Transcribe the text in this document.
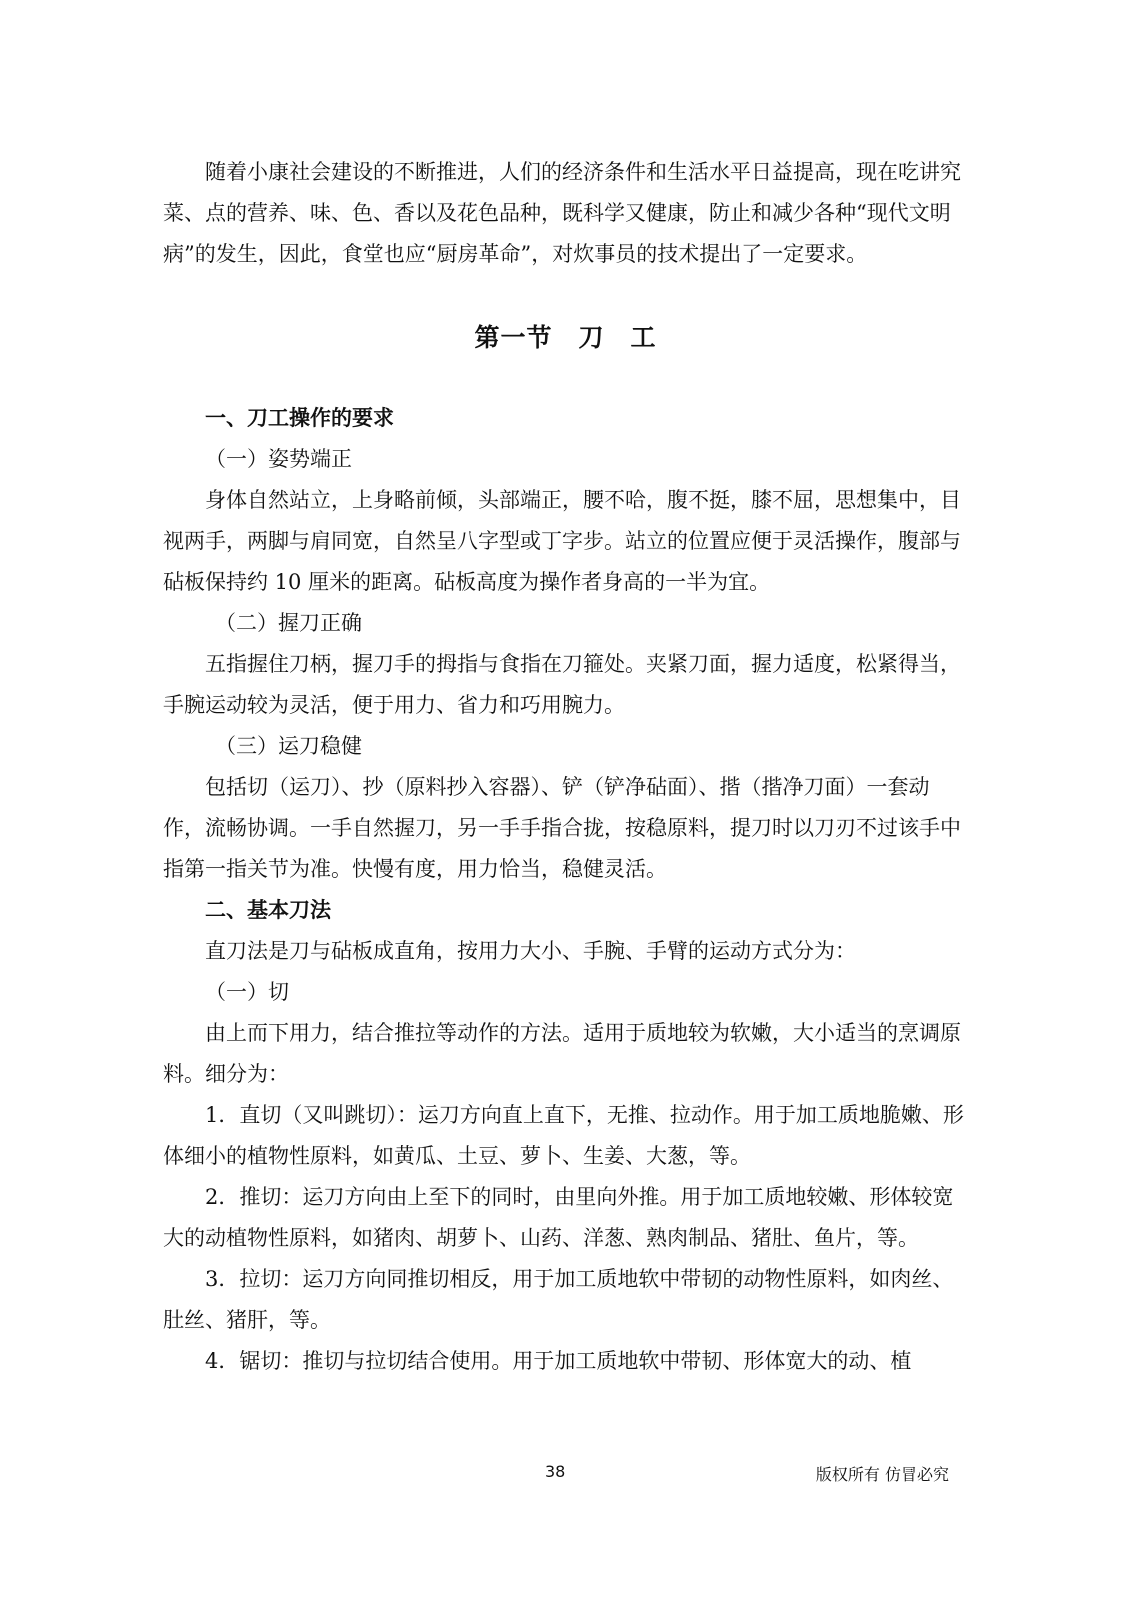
随着小康社会建设的不断推进，人们的经济条件和生活水平日益提高，现在吃讲究菜、点的营养、味、色、香以及花色品种，既科学又健康，防止和减少各种“现代文明病”的发生，因此，食堂也应“厨房革命”，对炊事员的技术提出了一定要求。

第一节　刀　工

一、刀工操作的要求

（一）姿势端正

身体自然站立，上身略前倾，头部端正，腰不哈，腹不挺，膝不屈，思想集中，目视两手，两脚与肩同宽，自然呈八字型或丁字步。站立的位置应便于灵活操作，腹部与砧板保持约 10 厘米的距离。砧板高度为操作者身高的一半为宜。

（二）握刀正确

五指握住刀柄，握刀手的拇指与食指在刀箍处。夹紧刀面，握力适度，松紧得当，手腕运动较为灵活，便于用力、省力和巧用腕力。

（三）运刀稳健

包括切（运刀）、抄（原料抄入容器）、铲（铲净砧面）、揩（揩净刀面）一套动作，流畅协调。一手自然握刀，另一手手指合拢，按稳原料，提刀时以刀刃不过该手中指第一指关节为准。快慢有度，用力恰当，稳健灵活。

二、基本刀法

直刀法是刀与砧板成直角，按用力大小、手腕、手臂的运动方式分为：

（一）切

由上而下用力，结合推拉等动作的方法。适用于质地较为软嫩，大小适当的烹调原料。细分为：

1．直切（又叫跳切）：运刀方向直上直下，无推、拉动作。用于加工质地脆嫩、形体细小的植物性原料，如黄瓜、土豆、萝卜、生姜、大葱，等。

2．推切：运刀方向由上至下的同时，由里向外推。用于加工质地较嫩、形体较宽大的动植物性原料，如猪肉、胡萝卜、山药、洋葱、熟肉制品、猪肚、鱼片，等。

3．拉切：运刀方向同推切相反，用于加工质地软中带韧的动物性原料，如肉丝、肚丝、猪肝，等。

4．锯切：推切与拉切结合使用。用于加工质地软中带韧、形体宽大的动、植

38	版权所有 仿冒必究
